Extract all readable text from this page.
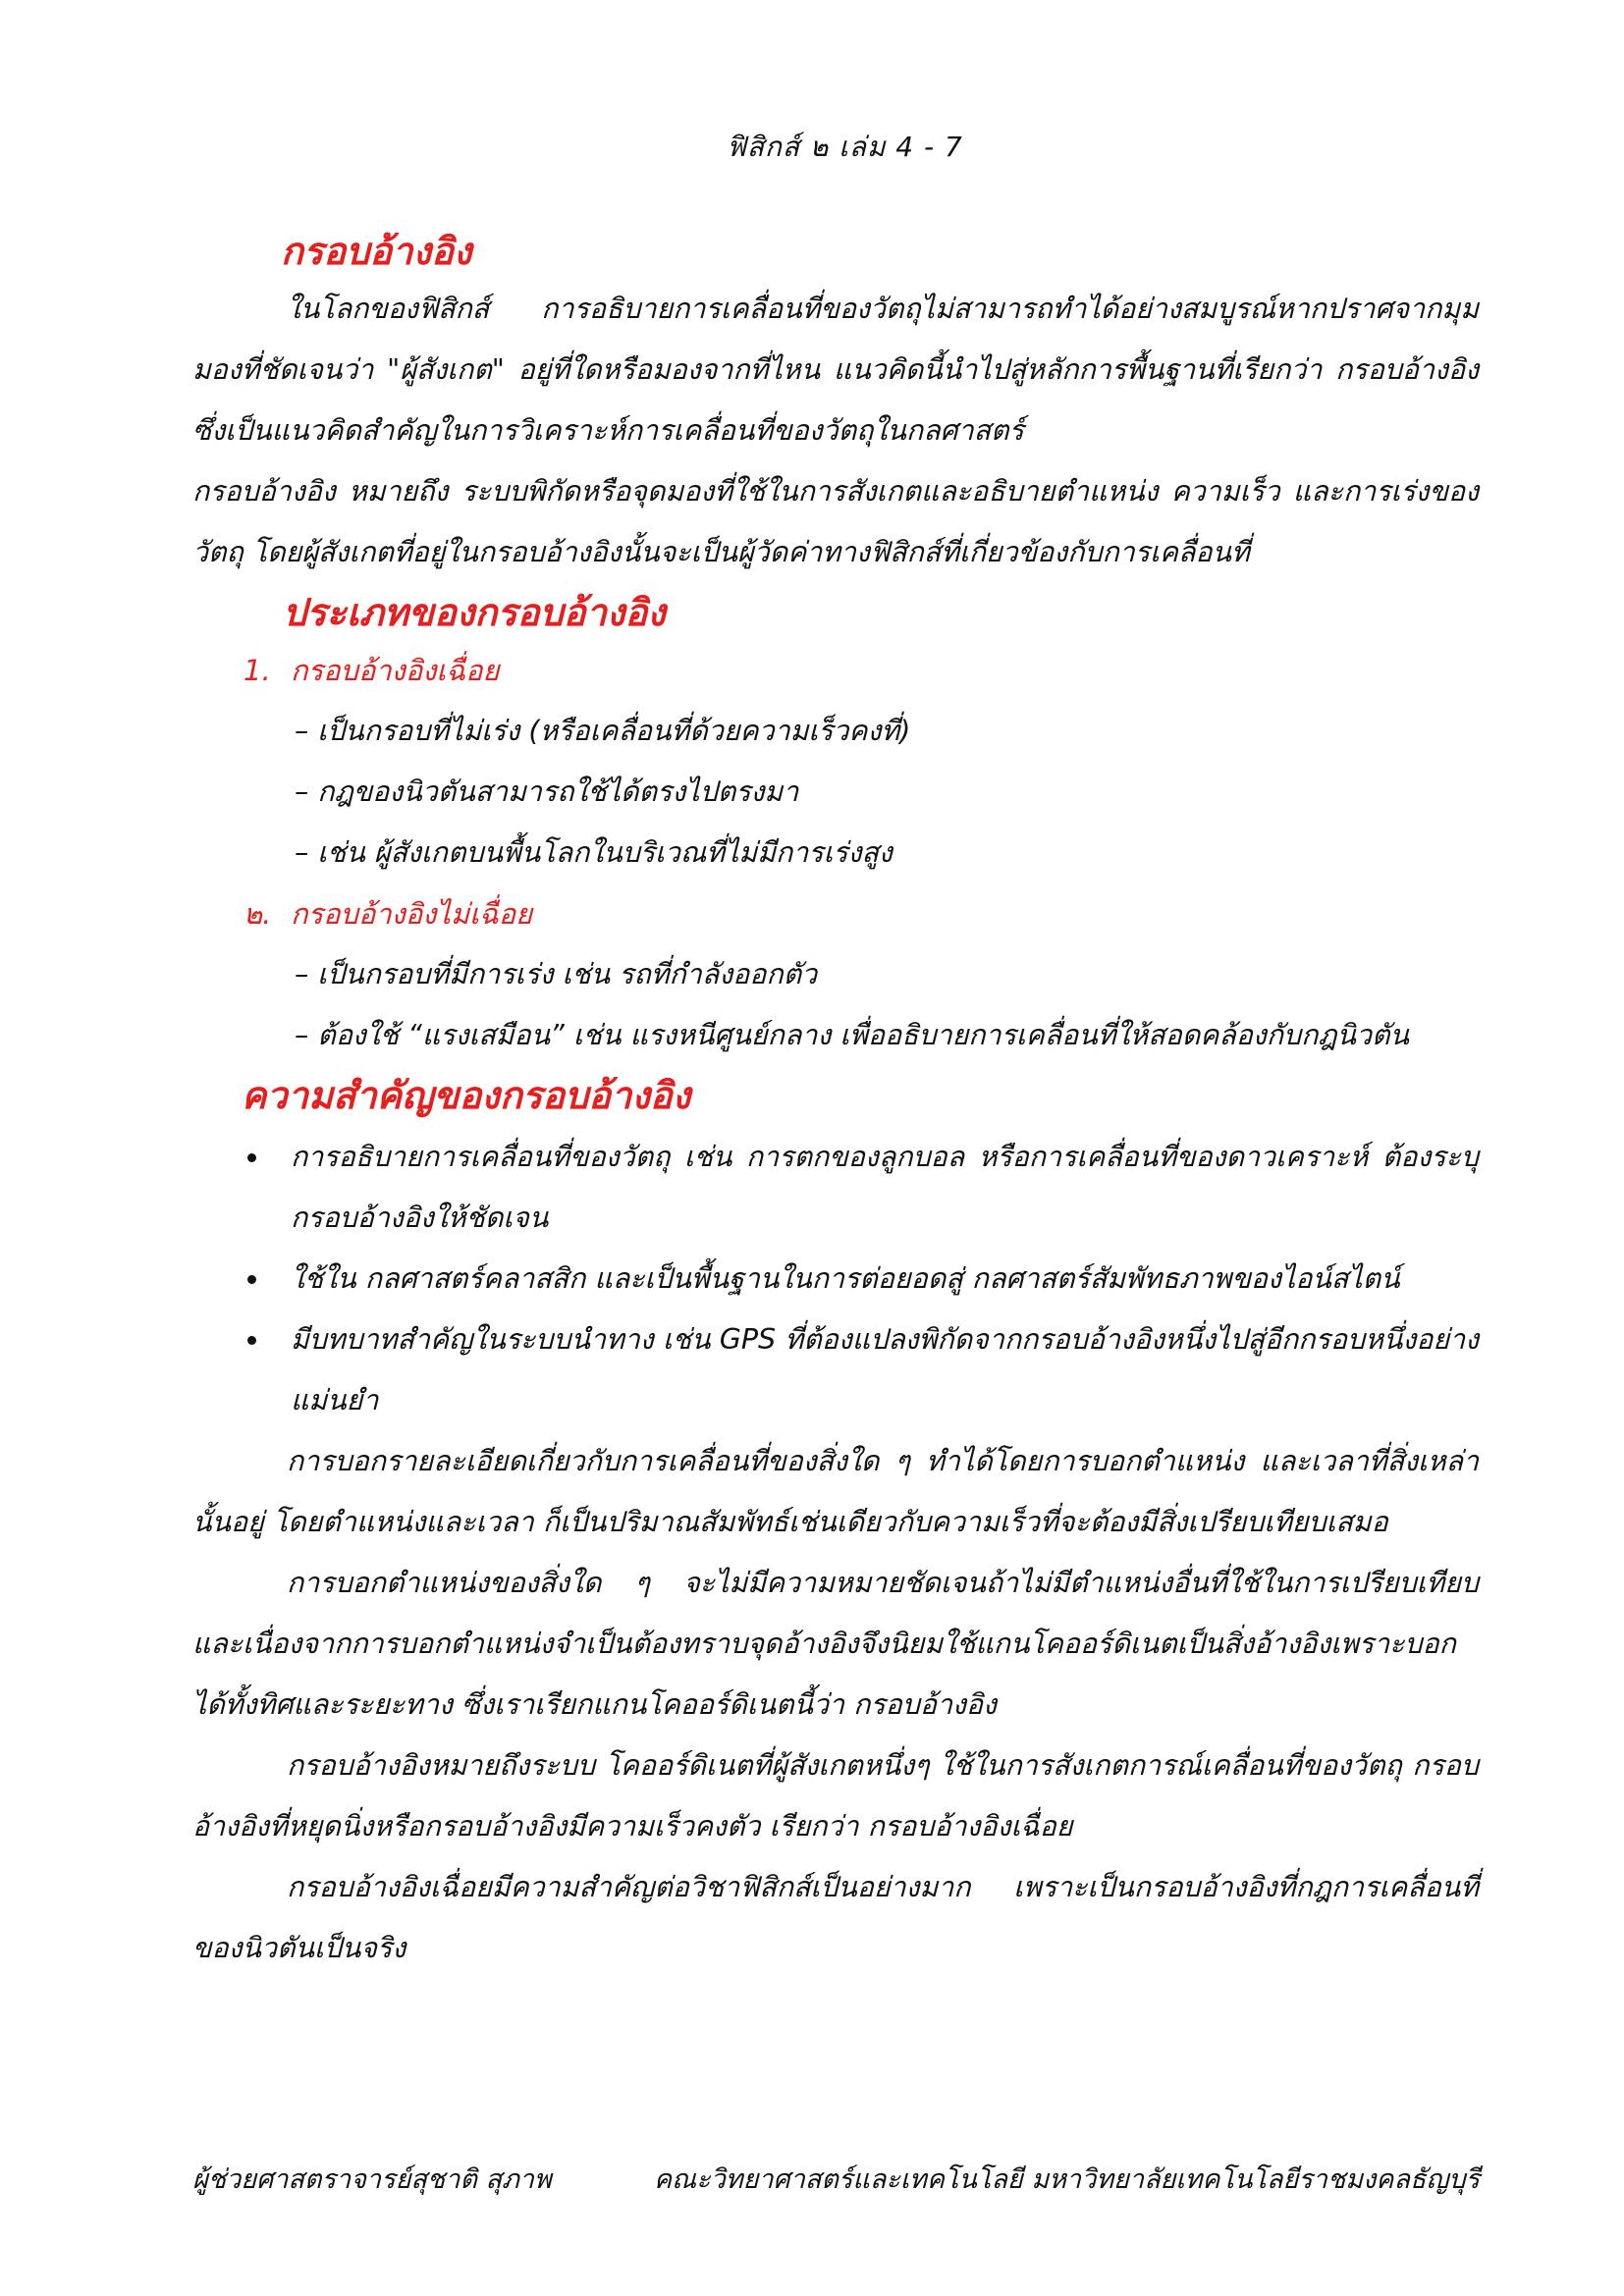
ฟิสิกส์ ๒ เล่ม 4 - 7
กรอบอ้างอิง

ในโลกของฟิสิกส์ การอธิบายการเคลื่อนที่ของวัตถุไม่สามารถทำได้อย่างสมบูรณ์หากปราศจากมุมมองที่ชัดเจนว่า "ผู้สังเกต" อยู่ที่ใดหรือมองจากที่ไหน แนวคิดนี้นำไปสู่หลักการพื้นฐานที่เรียกว่า กรอบอ้างอิง ซึ่งเป็นแนวคิดสำคัญในการวิเคราะห์การเคลื่อนที่ของวัตถุในกลศาสตร์

กรอบอ้างอิง หมายถึง ระบบพิกัดหรือจุดมองที่ใช้ในการสังเกตและอธิบายตำแหน่ง ความเร็ว และการเร่งของวัตถุ โดยผู้สังเกตที่อยู่ในกรอบอ้างอิงนั้นจะเป็นผู้วัดค่าทางฟิสิกส์ที่เกี่ยวข้องกับการเคลื่อนที่

ประเภทของกรอบอ้างอิง
1. กรอบอ้างอิงเฉื่อย
– เป็นกรอบที่ไม่เร่ง (หรือเคลื่อนที่ด้วยความเร็วคงที่)
– กฎของนิวตันสามารถใช้ได้ตรงไปตรงมา
– เช่น ผู้สังเกตบนพื้นโลกในบริเวณที่ไม่มีการเร่งสูง
๒. กรอบอ้างอิงไม่เฉื่อย
– เป็นกรอบที่มีการเร่ง เช่น รถที่กำลังออกตัว
– ต้องใช้ “แรงเสมือน” เช่น แรงหนีศูนย์กลาง เพื่ออธิบายการเคลื่อนที่ให้สอดคล้องกับกฎนิวตัน
ความสำคัญของกรอบอ้างอิง
การอธิบายการเคลื่อนที่ของวัตถุ เช่น การตกของลูกบอล หรือการเคลื่อนที่ของดาวเคราะห์ ต้องระบุกรอบอ้างอิงให้ชัดเจน
ใช้ใน กลศาสตร์คลาสสิก และเป็นพื้นฐานในการต่อยอดสู่ กลศาสตร์สัมพัทธภาพของไอน์สไตน์
มีบทบาทสำคัญในระบบนำทาง เช่น GPS ที่ต้องแปลงพิกัดจากกรอบอ้างอิงหนึ่งไปสู่อีกกรอบหนึ่งอย่างแม่นยำ

การบอกรายละเอียดเกี่ยวกับการเคลื่อนที่ของสิ่งใด ๆ ทำได้โดยการบอกตำแหน่ง และเวลาที่สิ่งเหล่านั้นอยู่ โดยตำแหน่งและเวลา ก็เป็นปริมาณสัมพัทธ์เช่นเดียวกับความเร็วที่จะต้องมีสิ่งเปรียบเทียบเสมอ

การบอกตำแหน่งของสิ่งใด ๆ จะไม่มีความหมายชัดเจนถ้าไม่มีตำแหน่งอื่นที่ใช้ในการเปรียบเทียบ และเนื่องจากการบอกตำแหน่งจำเป็นต้องทราบจุดอ้างอิงจึงนิยมใช้แกนโคออร์ดิเนตเป็นสิ่งอ้างอิงเพราะบอกได้ทั้งทิศและระยะทาง ซึ่งเราเรียกแกนโคออร์ดิเนตนี้ว่า กรอบอ้างอิง

กรอบอ้างอิงหมายถึงระบบ โคออร์ดิเนตที่ผู้สังเกตหนึ่งๆ ใช้ในการสังเกตการณ์เคลื่อนที่ของวัตถุ กรอบอ้างอิงที่หยุดนิ่งหรือกรอบอ้างอิงมีความเร็วคงตัว เรียกว่า กรอบอ้างอิงเฉื่อย

กรอบอ้างอิงเฉื่อยมีความสำคัญต่อวิชาฟิสิกส์เป็นอย่างมาก เพราะเป็นกรอบอ้างอิงที่กฎการเคลื่อนที่ของนิวตันเป็นจริง

ผู้ช่วยศาสตราจารย์สุชาติ สุภาพ	คณะวิทยาศาสตร์และเทคโนโลยี มหาวิทยาลัยเทคโนโลยีราชมงคลธัญบุรี
